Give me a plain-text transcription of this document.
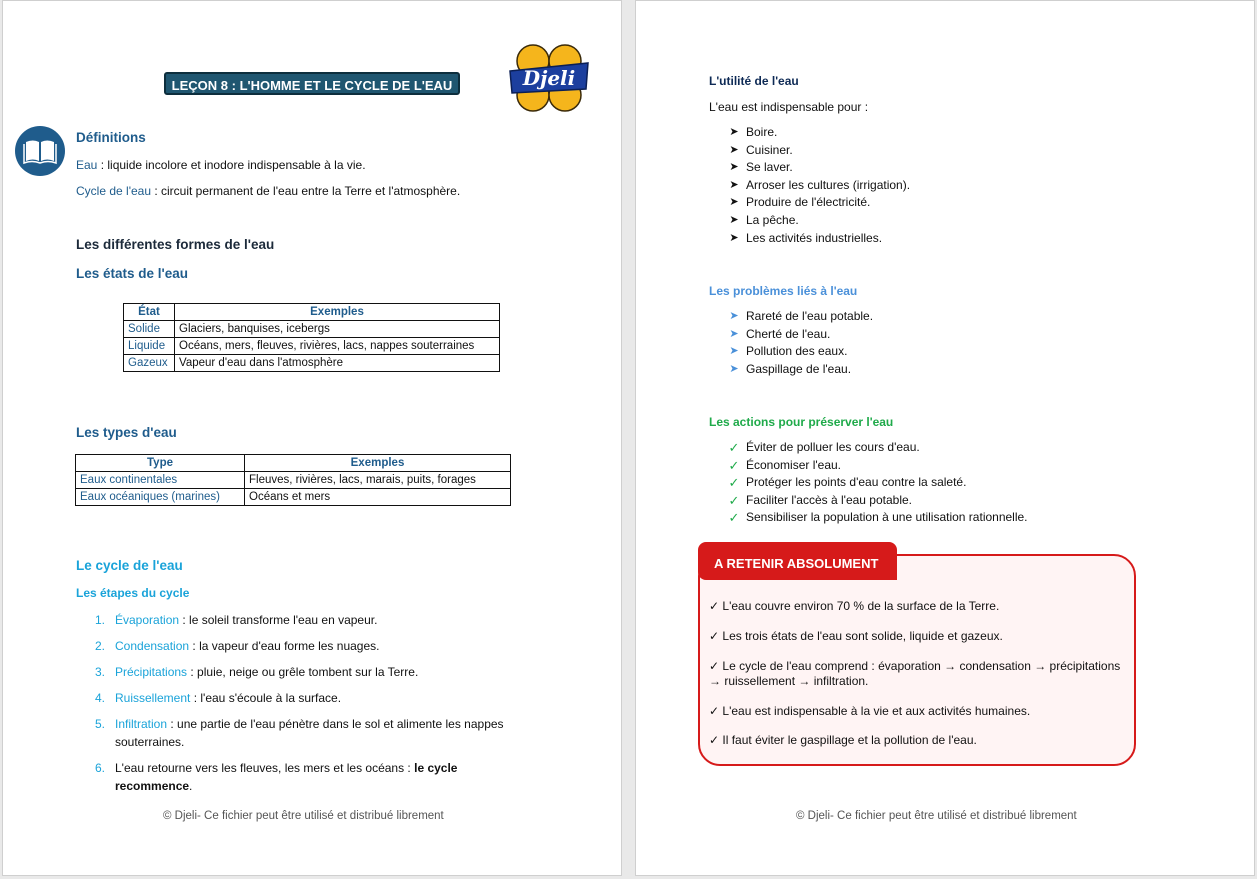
LEÇON 8 : L'HOMME ET LE CYCLE DE L'EAU	Djeli
Définitions
Eau : liquide incolore et inodore indispensable à la vie.
Cycle de l'eau : circuit permanent de l'eau entre la Terre et l'atmosphère.
Les différentes formes de l'eau
Les états de l'eau
État	Exemples
Solide	Glaciers, banquises, icebergs
Liquide	Océans, mers, fleuves, rivières, lacs, nappes souterraines
Gazeux	Vapeur d'eau dans l'atmosphère
Les types d'eau
Type	Exemples
Eaux continentales	Fleuves, rivières, lacs, marais, puits, forages
Eaux océaniques (marines)	Océans et mers
Le cycle de l'eau
Les étapes du cycle
1. Évaporation : le soleil transforme l'eau en vapeur.
2. Condensation : la vapeur d'eau forme les nuages.
3. Précipitations : pluie, neige ou grêle tombent sur la Terre.
4. Ruissellement : l'eau s'écoule à la surface.
5. Infiltration : une partie de l'eau pénètre dans le sol et alimente les nappes souterraines.
6. L'eau retourne vers les fleuves, les mers et les océans : le cycle recommence.
© Djeli- Ce fichier peut être utilisé et distribué librement
L'utilité de l'eau
L'eau est indispensable pour :
➤ Boire.
➤ Cuisiner.
➤ Se laver.
➤ Arroser les cultures (irrigation).
➤ Produire de l'électricité.
➤ La pêche.
➤ Les activités industrielles.
Les problèmes liés à l'eau
➤ Rareté de l'eau potable.
➤ Cherté de l'eau.
➤ Pollution des eaux.
➤ Gaspillage de l'eau.
Les actions pour préserver l'eau
✓ Éviter de polluer les cours d'eau.
✓ Économiser l'eau.
✓ Protéger les points d'eau contre la saleté.
✓ Faciliter l'accès à l'eau potable.
✓ Sensibiliser la population à une utilisation rationnelle.
A RETENIR ABSOLUMENT
✓ L'eau couvre environ 70 % de la surface de la Terre.
✓ Les trois états de l'eau sont solide, liquide et gazeux.
✓ Le cycle de l'eau comprend : évaporation → condensation → précipitations → ruissellement → infiltration.
✓ L'eau est indispensable à la vie et aux activités humaines.
✓ Il faut éviter le gaspillage et la pollution de l'eau.
© Djeli- Ce fichier peut être utilisé et distribué librement
